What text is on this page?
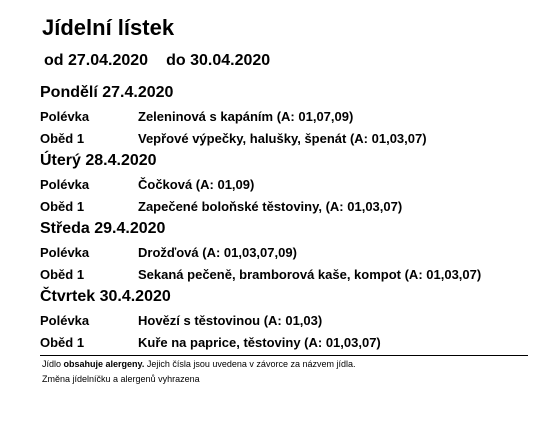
Jídelní lístek
od 27.04.2020 do 30.04.2020
Pondělí 27.4.2020
Polévka	Zeleninová s kapáním (A: 01,07,09)
Oběd 1	Vepřové výpečky, halušky, špenát (A: 01,03,07)
Úterý 28.4.2020
Polévka	Čočková (A: 01,09)
Oběd 1	Zapečené boloňské těstoviny, (A: 01,03,07)
Středa 29.4.2020
Polévka	Drožďová (A: 01,03,07,09)
Oběd 1	Sekaná pečeně, bramborová kaše, kompot (A: 01,03,07)
Čtvrtek 30.4.2020
Polévka	Hovězí s těstovinou (A: 01,03)
Oběd 1	Kuře na paprice, těstoviny (A: 01,03,07)
Jídlo obsahuje alergeny. Jejich čísla jsou uvedena v závorce za názvem jídla.
Změna jídelníčku a alergenů vyhrazena
